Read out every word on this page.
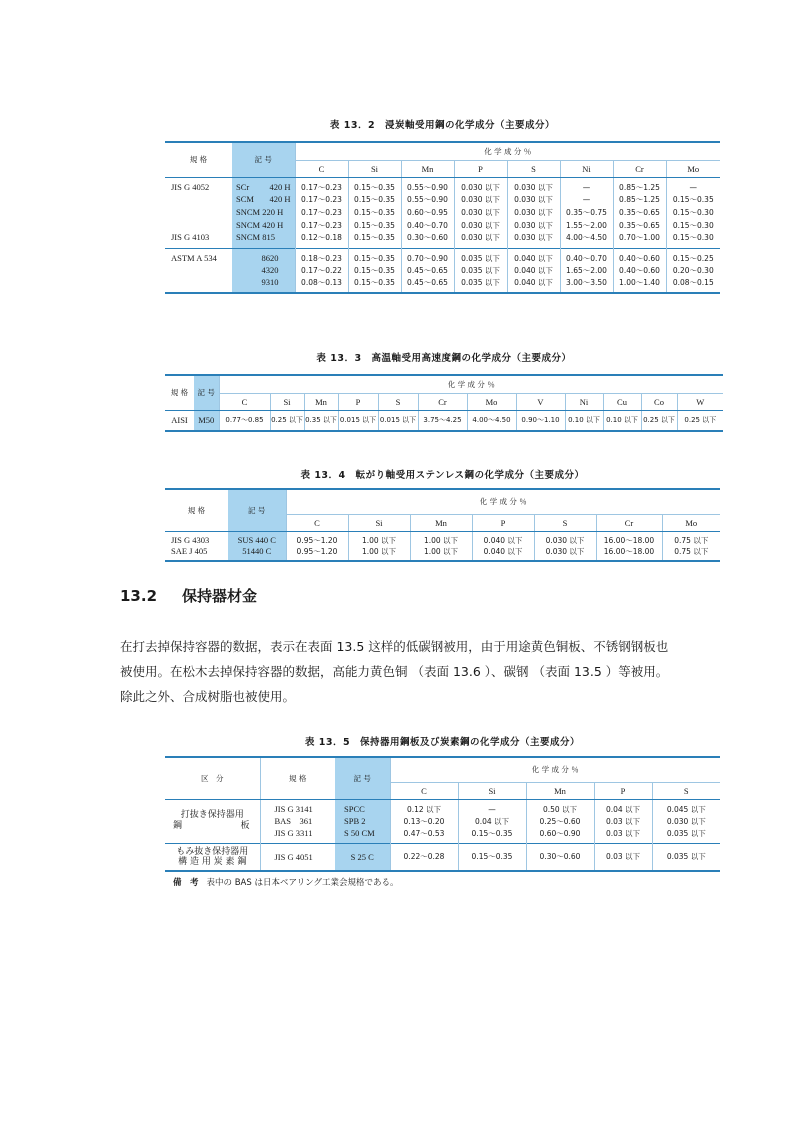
表 13．2　浸炭軸受用鋼の化学成分（主要成分）
規 格	記 号	化 学 成 分 ％							
		C	Si	Mn	P	S	Ni	Cr	Mo
JIS G 4052	SCr 420 H	0.17～0.23	0.15～0.35	0.55～0.90	0.030 以下	0.030 以下	—	0.85～1.25	—
	SCM 420 H	0.17～0.23	0.15～0.35	0.55～0.90	0.030 以下	0.030 以下	—	0.85～1.25	0.15～0.35
	SNCM 220 H	0.17～0.23	0.15～0.35	0.60～0.95	0.030 以下	0.030 以下	0.35～0.75	0.35～0.65	0.15～0.30
	SNCM 420 H	0.17～0.23	0.15～0.35	0.40～0.70	0.030 以下	0.030 以下	1.55～2.00	0.35～0.65	0.15～0.30
JIS G 4103	SNCM 815	0.12～0.18	0.15～0.35	0.30～0.60	0.030 以下	0.030 以下	4.00～4.50	0.70～1.00	0.15～0.30
ASTM A 534	8620	0.18～0.23	0.15～0.35	0.70～0.90	0.035 以下	0.040 以下	0.40～0.70	0.40～0.60	0.15～0.25
	4320	0.17～0.22	0.15～0.35	0.45～0.65	0.035 以下	0.040 以下	1.65～2.00	0.40～0.60	0.20～0.30
	9310	0.08～0.13	0.15～0.35	0.45～0.65	0.035 以下	0.040 以下	3.00～3.50	1.00～1.40	0.08～0.15
表 13．3　高温軸受用高速度鋼の化学成分（主要成分）
規 格	記 号	化 学 成 分 ％											
		C	Si	Mn	P	S	Cr	Mo	V	Ni	Cu	Co	W
AISI	M50	0.77～0.85	0.25 以下	0.35 以下	0.015 以下	0.015 以下	3.75～4.25	4.00～4.50	0.90～1.10	0.10 以下	0.10 以下	0.25 以下	0.25 以下
表 13．4　転がり軸受用ステンレス鋼の化学成分（主要成分）
規 格	記 号	化 学 成 分 ％						
		C	Si	Mn	P	S	Cr	Mo
JIS G 4303	SUS 440 C	0.95～1.20	1.00 以下	1.00 以下	0.040 以下	0.030 以下	16.00～18.00	0.75 以下
SAE J 405	51440 C	0.95～1.20	1.00 以下	1.00 以下	0.040 以下	0.030 以下	16.00～18.00	0.75 以下
13.2 保持器材金
在打去掉保持容器的数据，表示在表面 13.5 这样的低碳钢被用，由于用途黄色铜板、不锈钢钢板也被使用。在松木去掉保持容器的数据，高能力黄色铜 （表面 13.6 ）、碳钢 （表面 13.5 ）等被用。除此之外、合成树脂也被使用。
表 13．5　保持器用鋼板及び炭素鋼の化学成分（主要成分）
区　分	規 格	記 号	化 学 成 分 ％				
			C	Si	Mn	P	S

打抜き保持器用
鋼 板	JIS G 3141	SPCC	0.12 以下	—	0.50 以下	0.04 以下	0.045 以下
	BAS　361	SPB 2	0.13～0.20	0.04 以下	0.25～0.60	0.03 以下	0.030 以下
	JIS G 3311	S 50 CM	0.47～0.53	0.15～0.35	0.60～0.90	0.03 以下	0.035 以下

もみ抜き保持器用
構 造 用 炭 素 鋼	JIS G 4051	S 25 C	0.22～0.28	0.15～0.35	0.30～0.60	0.03 以下	0.035 以下
備　考 表中の BAS は日本ベアリング工業会規格である。
